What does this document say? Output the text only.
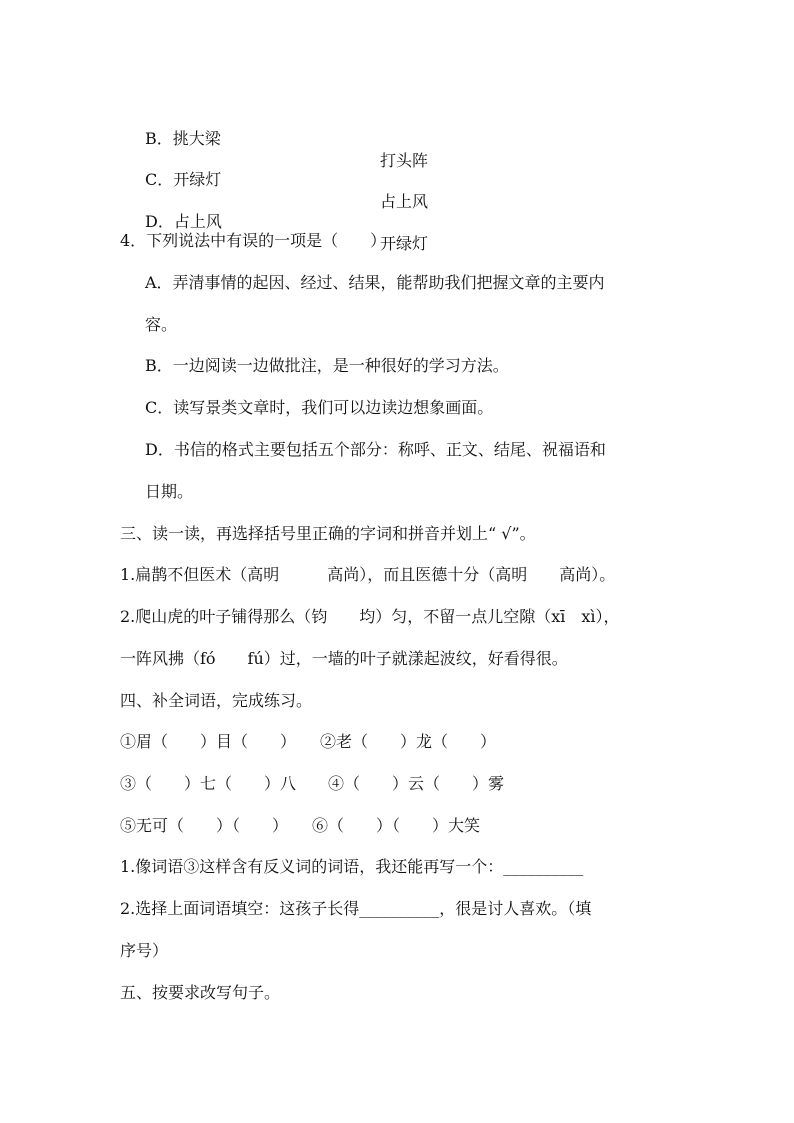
B．挑大梁

打头阵

C．开绿灯

占上风

D．占上风

开绿灯

4．下列说法中有误的一项是（　　）
A．弄清事情的起因、经过、结果，能帮助我们把握文章的主要内
容。
B．一边阅读一边做批注，是一种很好的学习方法。
C．读写景类文章时，我们可以边读边想象画面。
D．书信的格式主要包括五个部分：称呼、正文、结尾、祝福语和
日期。
三、读一读，再选择括号里正确的字词和拼音并划上“ √”。
1.扁鹊不但医术（高明　　　高尚），而且医德十分（高明　　高尚）。
2.爬山虎的叶子铺得那么（钧　　均）匀，不留一点儿空隙（xī　xì），
一阵风拂（fó　　fú）过，一墙的叶子就漾起波纹，好看得很。
四、补全词语，完成练习。
①眉（　　）目（　　）　　②老（　　）龙（　　）
③（　　）七（　　）八　　④（　　）云（　　）雾
⑤无可（　　）（　　）　　⑥（　　）（　　）大笑
1.像词语③这样含有反义词的词语，我还能再写一个：__________
2.选择上面词语填空：这孩子长得__________，很是讨人喜欢。（填
序号）
五、按要求改写句子。
